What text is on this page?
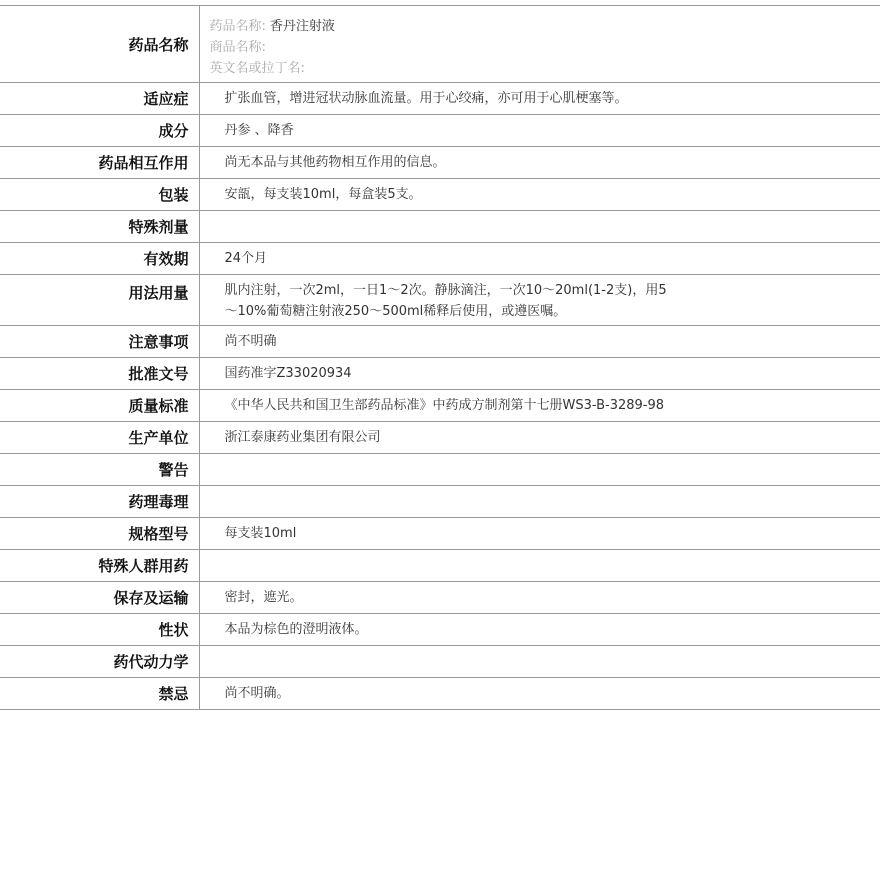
药品名称	药品名称: 香丹注射液
商品名称:
英文名或拉丁名:

适应症	扩张血管，增进冠状动脉血流量。用于心绞痛，亦可用于心肌梗塞等。
成分	丹参 、降香
药品相互作用	尚无本品与其他药物相互作用的信息。
包装	安瓿，每支装10ml，每盒装5支。
特殊剂量	
有效期	24个月
用法用量	肌内注射，一次2ml，一日1～2次。静脉滴注，一次10～20ml(1-2支)，用5
～10%葡萄糖注射液250～500ml稀释后使用，或遵医嘱。

注意事项	尚不明确
批准文号	国药准字Z33020934
质量标准	《中华人民共和国卫生部药品标准》中药成方制剂第十七册WS3-B-3289-98
生产单位	浙江泰康药业集团有限公司
警告	
药理毒理	
规格型号	每支装10ml
特殊人群用药	
保存及运输	密封，遮光。
性状	本品为棕色的澄明液体。
药代动力学	
禁忌	尚不明确。
